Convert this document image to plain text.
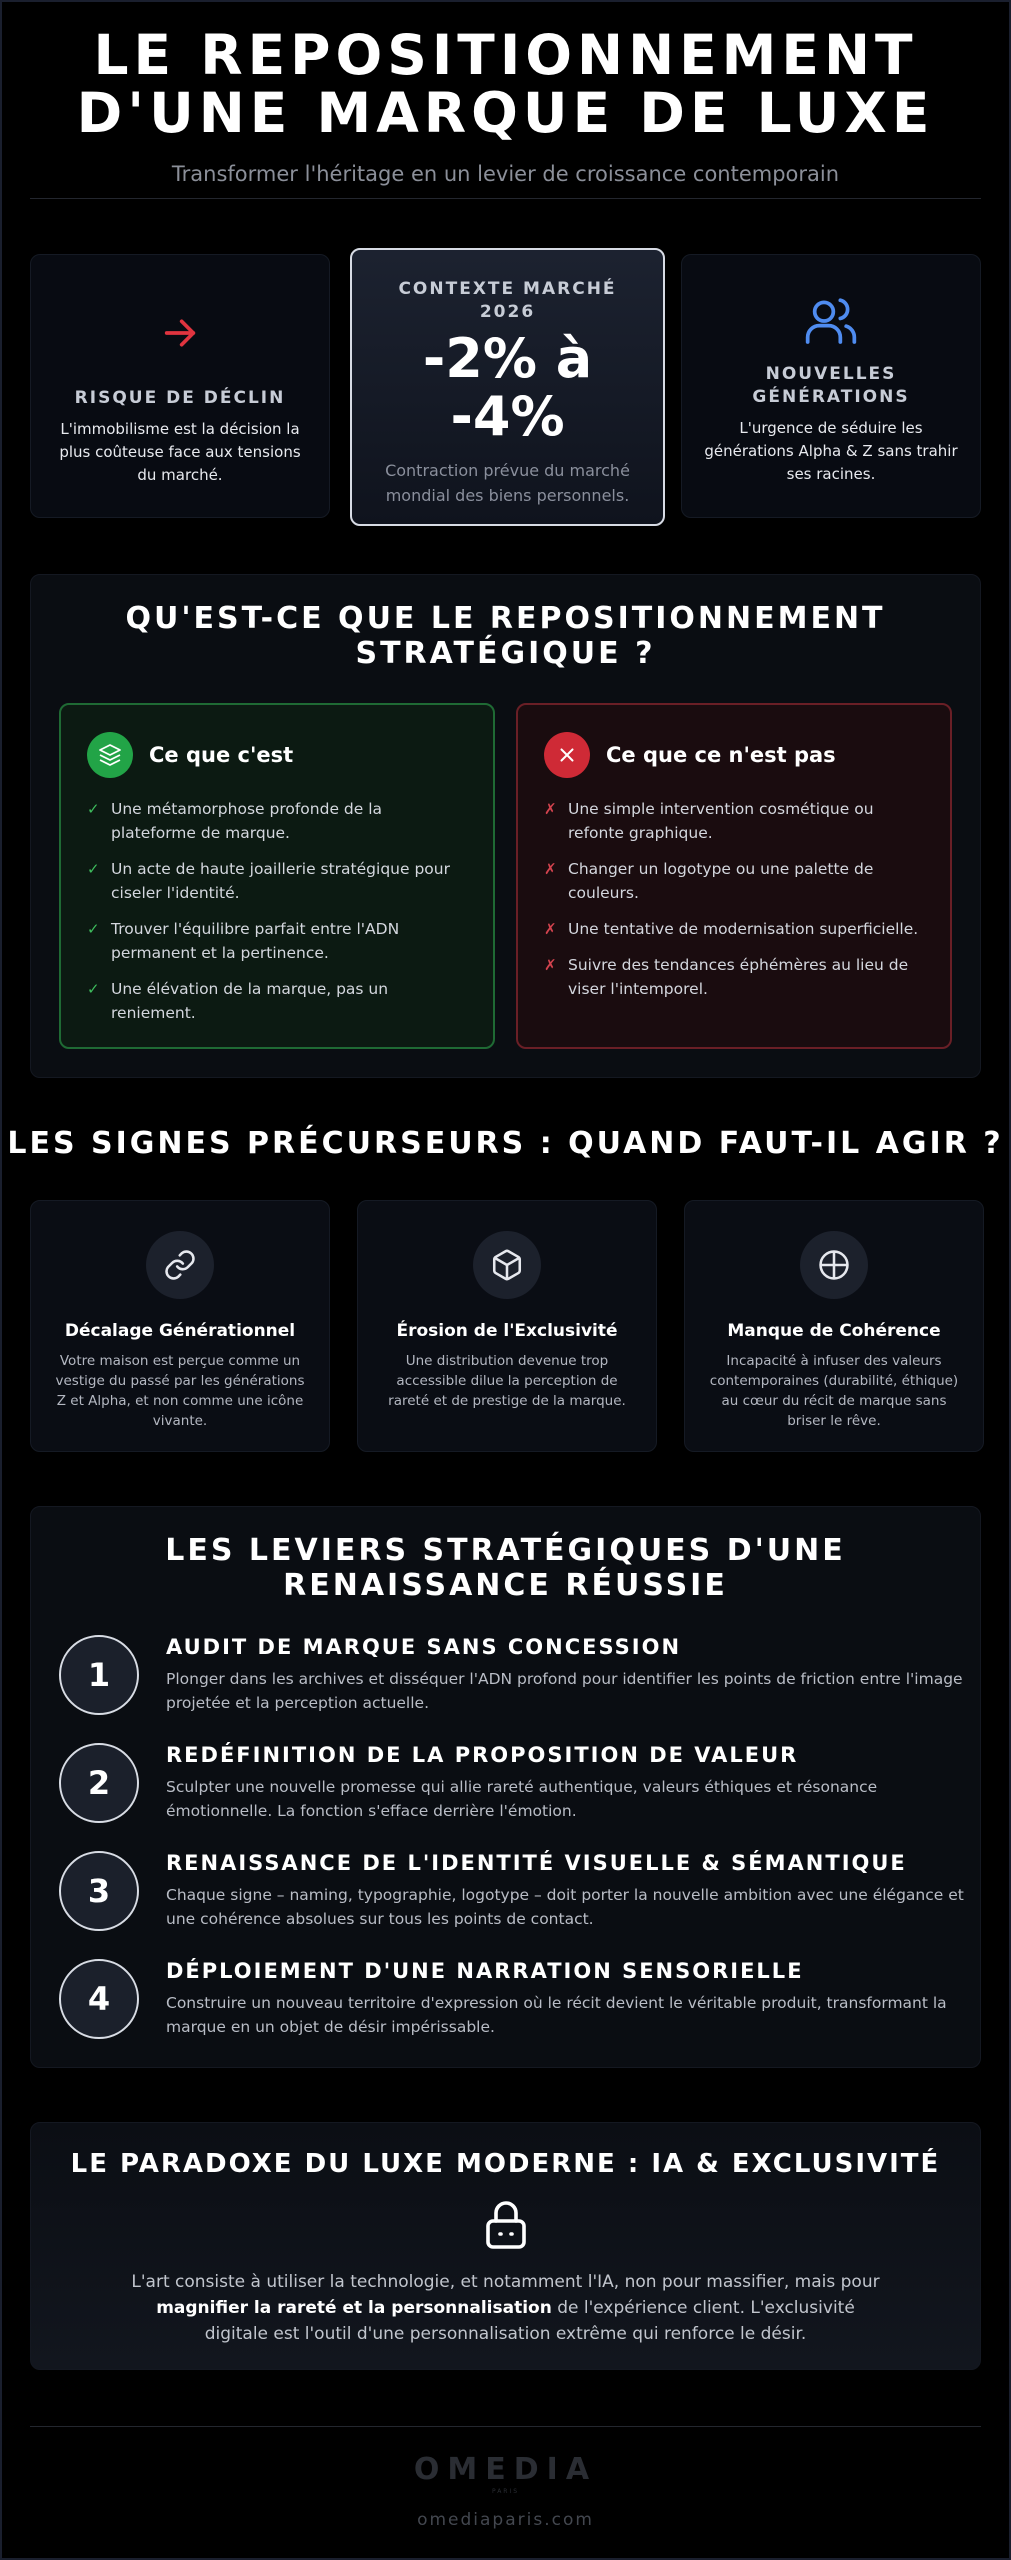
LE REPOSITIONNEMENT
D'UNE MARQUE DE LUXE
Transformer l'héritage en un levier de croissance contemporain
RISQUE DE DÉCLIN
L'immobilisme est la décision la plus coûteuse face aux tensions du marché.
CONTEXTE MARCHÉ 2026
-2% à
-4%
Contraction prévue du marché mondial des biens personnels.
NOUVELLES GÉNÉRATIONS
L'urgence de séduire les générations Alpha & Z sans trahir ses racines.
QU'EST-CE QUE LE REPOSITIONNEMENT
STRATÉGIQUE ?
Ce que c'est
✓ Une métamorphose profonde de la plateforme de marque.
✓ Un acte de haute joaillerie stratégique pour ciseler l'identité.
✓ Trouver l'équilibre parfait entre l'ADN permanent et la pertinence.
✓ Une élévation de la marque, pas un reniement.
Ce que ce n'est pas
✗ Une simple intervention cosmétique ou refonte graphique.
✗ Changer un logotype ou une palette de couleurs.
✗ Une tentative de modernisation superficielle.
✗ Suivre des tendances éphémères au lieu de viser l'intemporel.
LES SIGNES PRÉCURSEURS : QUAND FAUT-IL AGIR ?
Décalage Générationnel
Votre maison est perçue comme un vestige du passé par les générations Z et Alpha, et non comme une icône vivante.
Érosion de l'Exclusivité
Une distribution devenue trop accessible dilue la perception de rareté et de prestige de la marque.
Manque de Cohérence
Incapacité à infuser des valeurs contemporaines (durabilité, éthique) au cœur du récit de marque sans briser le rêve.
LES LEVIERS STRATÉGIQUES D'UNE
RENAISSANCE RÉUSSIE
1
AUDIT DE MARQUE SANS CONCESSION
Plonger dans les archives et disséquer l'ADN profond pour identifier les points de friction entre l'image projetée et la perception actuelle.
2
REDÉFINITION DE LA PROPOSITION DE VALEUR
Sculpter une nouvelle promesse qui allie rareté authentique, valeurs éthiques et résonance émotionnelle. La fonction s'efface derrière l'émotion.
3
RENAISSANCE DE L'IDENTITÉ VISUELLE & SÉMANTIQUE
Chaque signe – naming, typographie, logotype – doit porter la nouvelle ambition avec une élégance et une cohérence absolues sur tous les points de contact.
4
DÉPLOIEMENT D'UNE NARRATION SENSORIELLE
Construire un nouveau territoire d'expression où le récit devient le véritable produit, transformant la marque en un objet de désir impérissable.
LE PARADOXE DU LUXE MODERNE : IA & EXCLUSIVITÉ
L'art consiste à utiliser la technologie, et notamment l'IA, non pour massifier, mais pour magnifier la rareté et la personnalisation de l'expérience client. L'exclusivité digitale est l'outil d'une personnalisation extrême qui renforce le désir.
OMEDIA
PARIS
omediaparis.com
